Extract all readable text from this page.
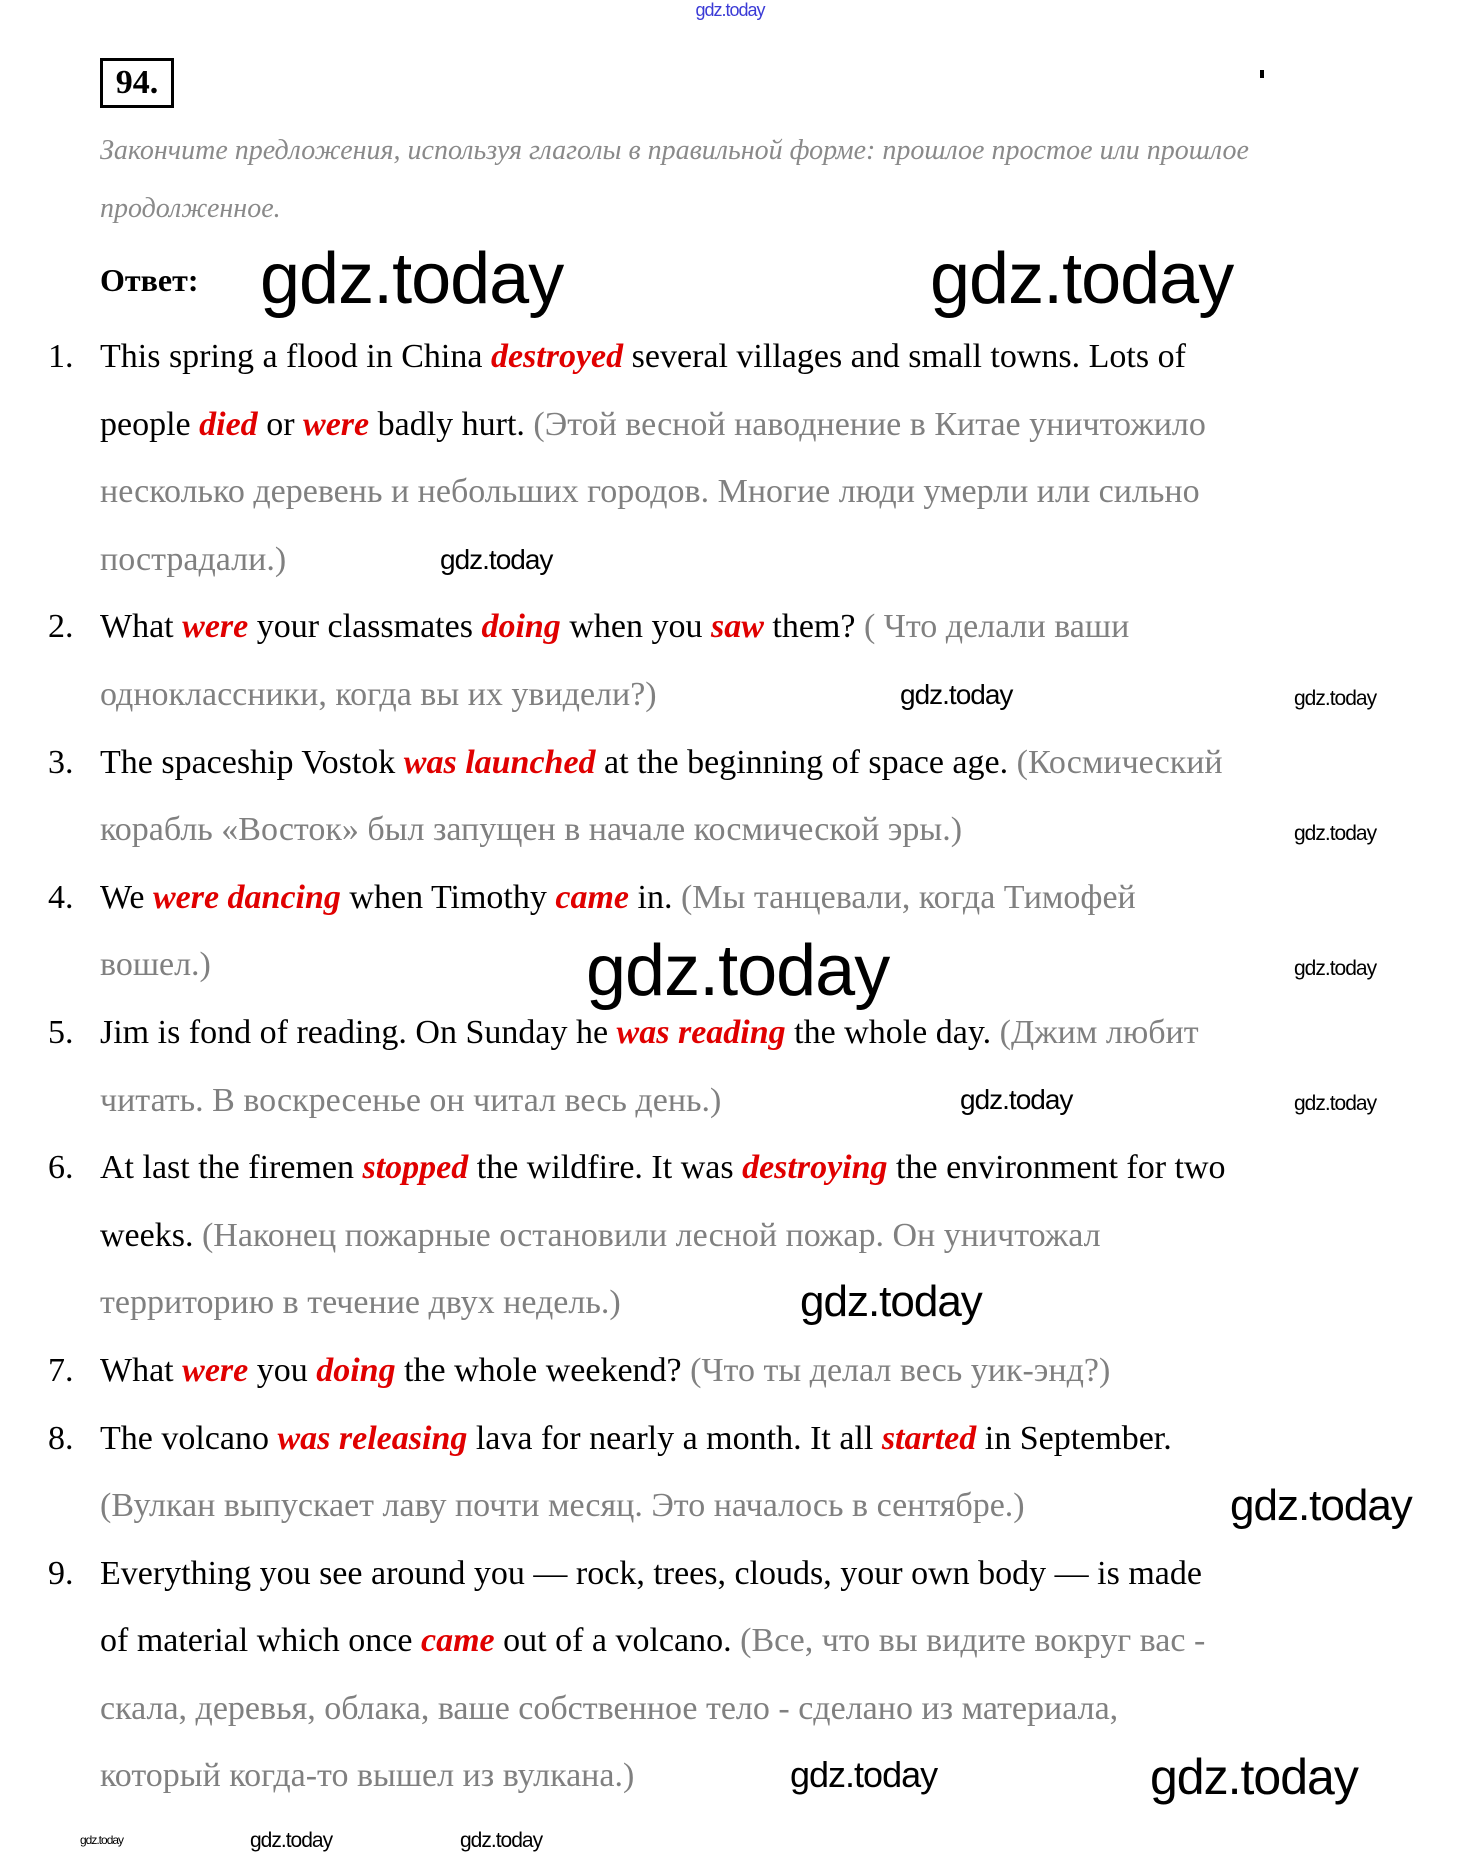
gdz.today
94.
Закончите предложения, используя глаголы в правильной форме: прошлое простое или прошлое продолженное.
Ответ:
1. This spring a flood in China destroyed several villages and small towns. Lots of
people died or were badly hurt. (Этой весной наводнение в Китае уничтожило
несколько деревень и небольших городов. Многие люди умерли или сильно
пострадали.)
2. What were your classmates doing when you saw them? ( Что делали ваши
одноклассники, когда вы их увидели?)
3. The spaceship Vostok was launched at the beginning of space age. (Космический
корабль «Восток» был запущен в начале космической эры.)
4. We were dancing when Timothy came in. (Мы танцевали, когда Тимофей
вошел.)
5. Jim is fond of reading. On Sunday he was reading the whole day. (Джим любит
читать. В воскресенье он читал весь день.)
6. At last the firemen stopped the wildfire. It was destroying the environment for two
weeks. (Наконец пожарные остановили лесной пожар. Он уничтожал
территорию в течение двух недель.)
7. What were you doing the whole weekend? (Что ты делал весь уик-энд?)
8. The volcano was releasing lava for nearly a month. It all started in September.
(Вулкан выпускает лаву почти месяц. Это началось в сентябре.)
9. Everything you see around you — rock, trees, clouds, your own body — is made
of material which once came out of a volcano. (Все, что вы видите вокруг вас -
скала, деревья, облака, ваше собственное тело - сделано из материала,
который когда-то вышел из вулкана.)
gdz.today	gdz.today
gdz.today
gdz.today
gdz.today
gdz.today
gdz.today
gdz.today
gdz.today
gdz.today
gdz.today
gdz.today
gdz.today
gdz.today
gdz.today	gdz.today
gdz.today
